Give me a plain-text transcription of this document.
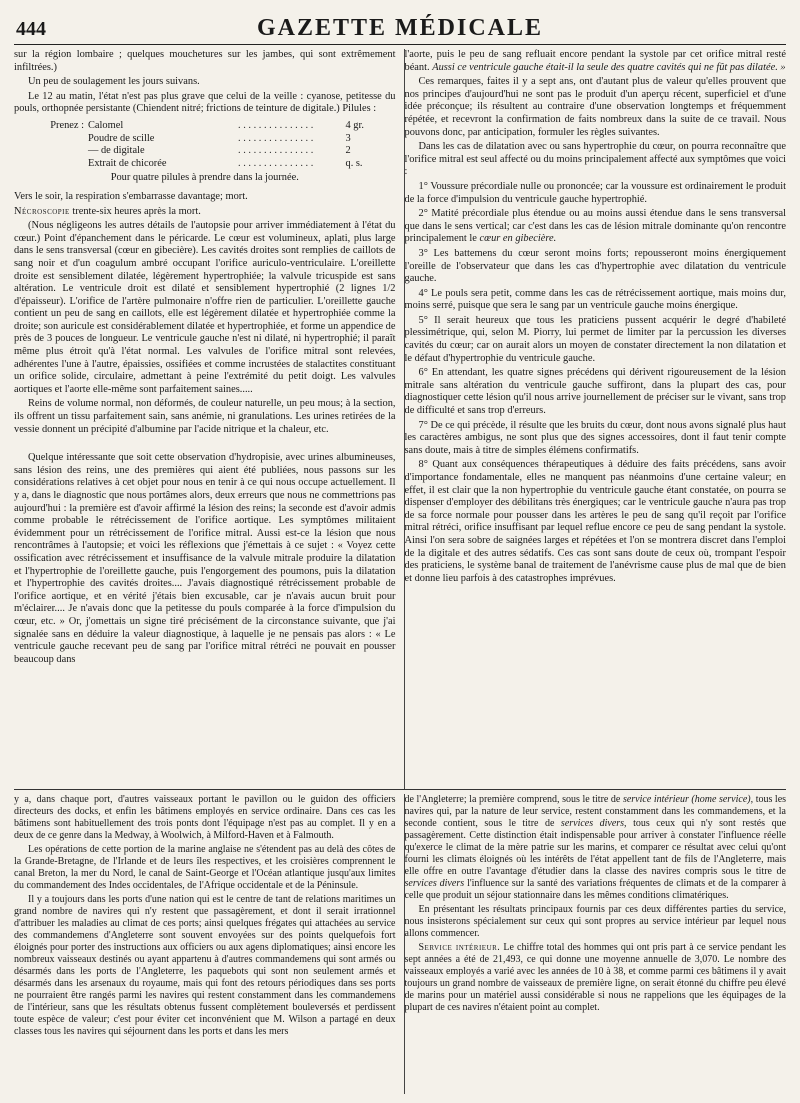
444	GAZETTE MÉDICALE

sur la région lombaire ; quelques mouchetures sur les jambes, qui sont extrêmement infiltrées.)

Un peu de soulagement les jours suivans.

Le 12 au matin, l'état n'est pas plus grave que celui de la veille : cyanose, petitesse du pouls, orthopnée persistante (Chiendent nitré; frictions de teinture de digitale.) Pilules :

Prenez : Calomel	. . . . . . . . . . . . . . .	4 gr.
Poudre de scille	. . . . . . . . . . . . . . .	3
— de digitale	. . . . . . . . . . . . . . .	2
Extrait de chicorée	. . . . . . . . . . . . . . .	q. s.
Pour quatre pilules à prendre dans la journée.

Vers le soir, la respiration s'embarrasse davantage; mort.

Nécroscopie trente-six heures après la mort.

(Nous négligeons les autres détails de l'autopsie pour arriver immédiatement à l'état du cœur.) Point d'épanchement dans le péricarde. Le cœur est volumineux, aplati, plus large dans le sens transversal (cœur en gibecière). Les cavités droites sont remplies de caillots de sang noir et d'un coagulum ambré occupant l'orifice auriculo-ventriculaire. L'oreillette droite est sensiblement dilatée, légèrement hypertrophiée; la valvule tricuspide est sans altération. Le ventricule droit est dilaté et sensiblement hypertrophié (2 lignes 1/2 d'épaisseur). L'orifice de l'artère pulmonaire n'offre rien de particulier. L'oreillette gauche contient un peu de sang en caillots, elle est légèrement dilatée et hypertrophiée comme la droite; son auricule est considérablement dilatée et hypertrophiée, et forme un appendice de près de 3 pouces de longueur. Le ventricule gauche n'est ni dilaté, ni hypertrophié; il paraît même plus étroit qu'à l'état normal. Les valvules de l'orifice mitral sont relevées, adhérentes l'une à l'autre, épaissies, ossifiées et comme incrustées de stalactites constituant un orifice solide, circulaire, admettant à peine l'extrémité du petit doigt. Les valvules aortiques et l'aorte elle-même sont parfaitement saines.....

Reins de volume normal, non déformés, de couleur naturelle, un peu mous; à la section, ils offrent un tissu parfaitement sain, sans anémie, ni granulations. Les urines retirées de la vessie donnent un précipité d'albumine par l'acide nitrique et la chaleur, etc.

Quelque intéressante que soit cette observation d'hydropisie, avec urines albumineuses, sans lésion des reins, une des premières qui aient été publiées, nous passons sur les considérations relatives à cet objet pour nous en tenir à ce qui nous occupe actuellement. Il y a, dans le diagnostic que nous portâmes alors, deux erreurs que nous ne commettrions pas aujourd'hui : la première est d'avoir affirmé la lésion des reins; la seconde est d'avoir admis comme probable le rétrécissement de l'orifice aortique. Les symptômes militaient évidemment pour un rétrécissement de l'orifice mitral. Aussi est-ce la lésion que nous rencontrâmes à l'autopsie; et voici les réflexions que j'émettais à ce sujet : « Voyez cette ossification avec rétrécissement et insuffisance de la valvule mitrale produire la dilatation et l'hypertrophie de l'oreillette gauche, puis l'engorgement des poumons, puis la dilatation et l'hypertrophie des cavités droites.... J'avais diagnostiqué rétrécissement probable de l'orifice aortique, et en vérité j'étais bien excusable, car je n'avais aucun bruit pour m'éclairer.... Je n'avais donc que la petitesse du pouls comparée à la force d'impulsion du cœur, etc. » Or, j'omettais un signe tiré précisément de la circonstance suivante, que j'ai signalée sans en déduire la valeur diagnostique, à laquelle je ne pensais pas alors : « Le ventricule gauche recevant peu de sang par l'orifice mitral rétréci ne pouvait en pousser beaucoup dans

l'aorte, puis le peu de sang refluait encore pendant la systole par cet orifice mitral resté béant. Aussi ce ventricule gauche était-il la seule des quatre cavités qui ne fût pas dilatée. »

Ces remarques, faites il y a sept ans, ont d'autant plus de valeur qu'elles prouvent que nos principes d'aujourd'hui ne sont pas le produit d'un aperçu récent, superficiel et d'une idée préconçue; ils résultent au contraire d'une observation longtemps et fréquemment répétée, et recevront la confirmation de faits nombreux dans la suite de ce travail. Nous pouvons donc, par anticipation, formuler les règles suivantes.

Dans les cas de dilatation avec ou sans hypertrophie du cœur, on pourra reconnaître que l'orifice mitral est seul affecté ou du moins principalement affecté aux symptômes que voici :

1° Voussure précordiale nulle ou prononcée; car la voussure est ordinairement le produit de la force d'impulsion du ventricule gauche hypertrophié.

2° Matité précordiale plus étendue ou au moins aussi étendue dans le sens transversal que dans le sens vertical; car c'est dans les cas de lésion mitrale dominante qu'on rencontre principalement le cœur en gibecière.

3° Les battemens du cœur seront moins forts; repousseront moins énergiquement l'oreille de l'observateur que dans les cas d'hypertrophie avec dilatation du ventricule gauche.

4° Le pouls sera petit, comme dans les cas de rétrécissement aortique, mais moins dur, moins serré, puisque que sera le sang par un ventricule gauche moins énergique.

5° Il serait heureux que tous les praticiens pussent acquérir le degré d'habileté plessimétrique, qui, selon M. Piorry, lui permet de limiter par la percussion les diverses cavités du cœur; car on aurait alors un moyen de constater directement la non dilatation et le défaut d'hypertrophie du ventricule gauche.

6° En attendant, les quatre signes précédens qui dérivent rigoureusement de la lésion mitrale sans altération du ventricule gauche suffiront, dans la plupart des cas, pour diagnostiquer cette lésion qu'il nous arrive journellement de préciser sur le vivant, sans trop de difficulté et sans trop d'erreurs.

7° De ce qui précède, il résulte que les bruits du cœur, dont nous avons signalé plus haut les caractères ambigus, ne sont plus que des signes accessoires, dont il faut tenir compte sans doute, mais à titre de simples élémens confirmatifs.

8° Quant aux conséquences thérapeutiques à déduire des faits précédens, sans avoir d'importance fondamentale, elles ne manquent pas néanmoins d'une certaine valeur; en effet, il est clair que la non hypertrophie du ventricule gauche étant constatée, on pourra se dispenser d'employer des débilitans très énergiques; car le ventricule gauche n'aura pas trop de sa force normale pour pousser dans les artères le peu de sang qu'il reçoit par l'orifice mitral rétréci, orifice insuffisant par lequel reflue encore ce peu de sang pendant la systole. Ainsi l'on sera sobre de saignées larges et répétées et l'on se montrera discret dans l'emploi de la digitale et des autres sédatifs. Ces cas sont sans doute de ceux où, trompant l'espoir des praticiens, le système banal de traitement de l'anévrisme cause plus de mal que de bien et donne lieu parfois à des catastrophes imprévues.

y a, dans chaque port, d'autres vaisseaux portant le pavillon ou le guidon des officiers directeurs des docks, et enfin les bâtimens employés en service ordinaire. Dans ces cas les bâtimens sont habituellement des trois ponts dont l'équipage n'est pas au complet. Il y en a deux de ce genre dans la Medway, à Woolwich, à Milford-Haven et à Falmouth.

Les opérations de cette portion de la marine anglaise ne s'étendent pas au delà des côtes de la Grande-Bretagne, de l'Irlande et de leurs îles respectives, et les croisières comprennent le canal Breton, la mer du Nord, le canal de Saint-George et l'Océan atlantique jusqu'aux limites du commandement des Indes occidentales, de l'Afrique occidentale et de la Péninsule.

Il y a toujours dans les ports d'une nation qui est le centre de tant de relations maritimes un grand nombre de navires qui n'y restent que passagèrement, et dont il serait irrationnel d'attribuer les maladies au climat de ces ports; ainsi quelques frégates qui attachées au service des commandemens d'Angleterre sont souvent envoyées sur des points quelquefois fort éloignés pour porter des instructions aux officiers ou aux agens diplomatiques; ainsi encore les nombreux vaisseaux destinés ou ayant appartenu à d'autres commandemens qui sont armés ou désarmés dans les ports de l'Angleterre, les paquebots qui sont non seulement armés et désarmés dans les arsenaux du royaume, mais qui font des retours périodiques dans ses ports ne pourraient être rangés parmi les navires qui restent constamment dans les commandemens de l'intérieur, sans que les résultats obtenus fussent complètement bouleversés et perdissent toute espèce de valeur; c'est pour éviter cet inconvénient que M. Wilson a partagé en deux classes tous les navires qui séjournent dans les ports et dans les mers

de l'Angleterre; la première comprend, sous le titre de service intérieur (home service), tous les navires qui, par la nature de leur service, restent constamment dans les commandemens, et la seconde contient, sous le titre de services divers, tous ceux qui n'y sont restés que passagèrement. Cette distinction était indispensable pour arriver à constater l'influence réelle qu'exerce le climat de la mère patrie sur les marins, et comparer ce résultat avec celui qu'ont fourni les climats éloignés où les intérêts de l'état appellent tant de fils de l'Angleterre, mais elle offre en outre l'avantage d'étudier dans la classe des navires compris sous le titre de services divers l'influence sur la santé des variations fréquentes de climats et de la comparer à celle que produit un séjour stationnaire dans les mêmes conditions climatériques.

En présentant les résultats principaux fournis par ces deux différentes parties du service, nous insisterons spécialement sur ceux qui sont propres au service intérieur par lequel nous allons commencer.

Service intérieur. Le chiffre total des hommes qui ont pris part à ce service pendant les sept années a été de 21,493, ce qui donne une moyenne annuelle de 3,070. Le nombre des vaisseaux employés a varié avec les années de 10 à 38, et comme parmi ces bâtimens il y avait toujours un grand nombre de vaisseaux de première ligne, on serait étonné du chiffre peu élevé de marins pour un matériel aussi considérable si nous ne rappelions que les équipages de la plupart de ces navires n'étaient point au complet.
